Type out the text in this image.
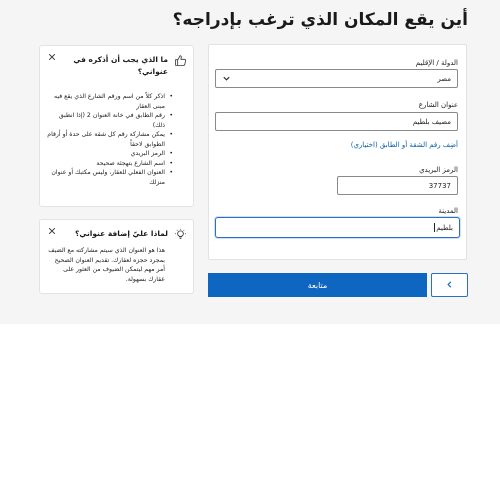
أين يقع المكان الذي ترغب بإدراجه؟
الدولة / الإقليم
مصر
عنوان الشارع
مصيف بلطيم
أضِف رقم الشقة أو الطابق (اختياري)
الرمز البريدي
37737
المدينة
بلطيم
متابعة
ما الذي يجب أن أذكره في عنواني؟
• اذكر كلاً من اسم ورقم الشارع الذي يقع فيه مبنى العقار
• رقم الطابق في خانة العنوان 2 (إذا انطبق ذلك)
• يمكن مشاركة رقم كل شقة على حدة أو أرقام الطوابق لاحقاً
• الرمز البريدي
• اسم الشارع بتهجئة صحيحة
• العنوان الفعلي للعقار، وليس مكتبك أو عنوان منزلك
لماذا عليّ إضافة عنواني؟
هذا هو العنوان الذي سيتم مشاركته مع الضيف بمجرد حجزه لعقارك. تقديم العنوان الصحيح أمر مهم ليتمكن الضيوف من العثور على عقارك بسهولة.
